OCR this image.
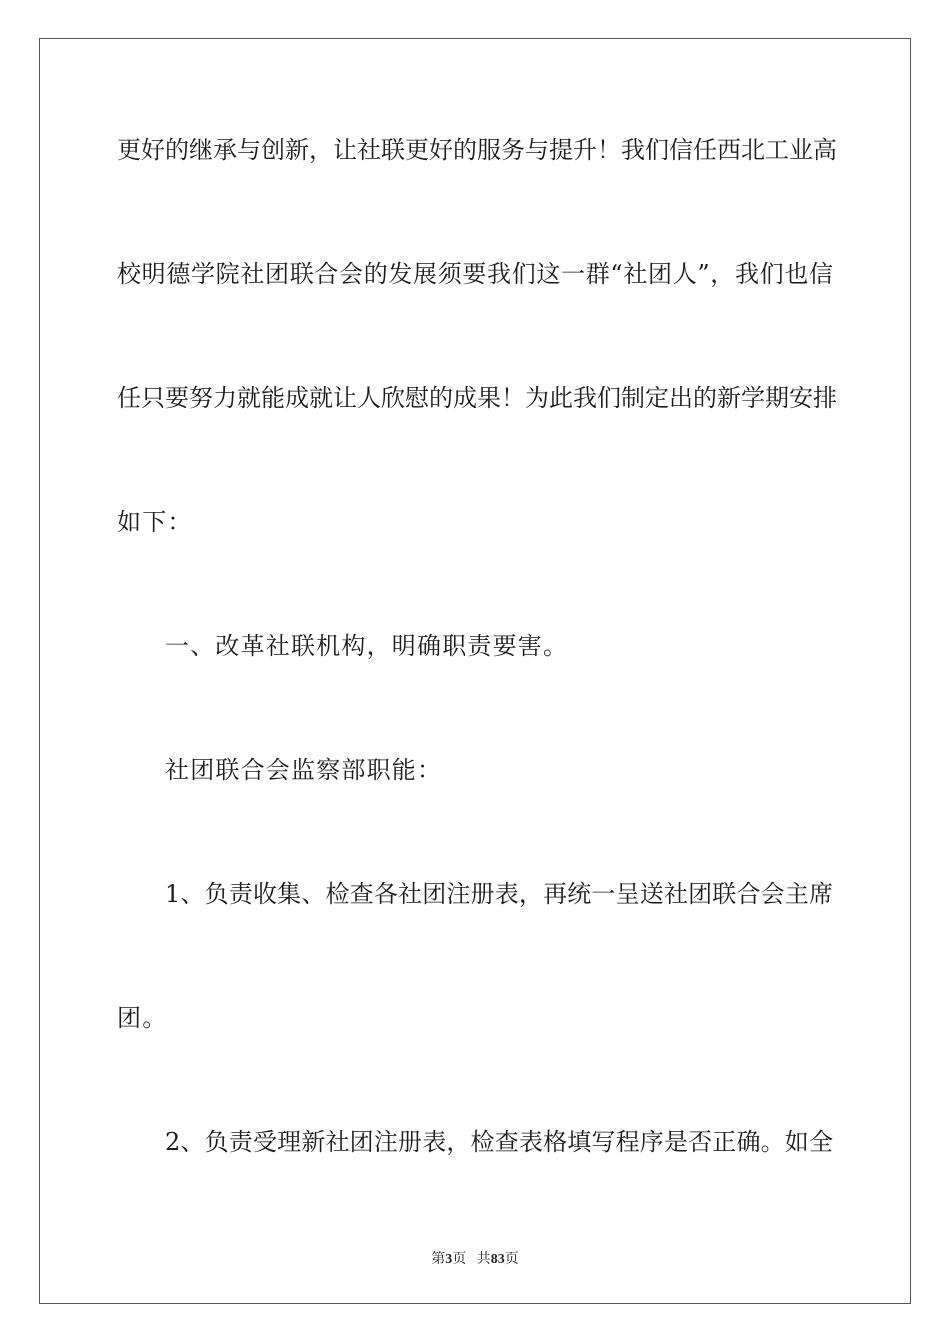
更好的继承与创新，让社联更好的服务与提升！我们信任西北工业高
校明德学院社团联合会的发展须要我们这一群“社团人”，我们也信
任只要努力就能成就让人欣慰的成果！为此我们制定出的新学期安排
如下：
一、改革社联机构，明确职责要害。
社团联合会监察部职能：
1、负责收集、检查各社团注册表，再统一呈送社团联合会主席
团。
2、负责受理新社团注册表，检查表格填写程序是否正确。如全
第3页 共83页
